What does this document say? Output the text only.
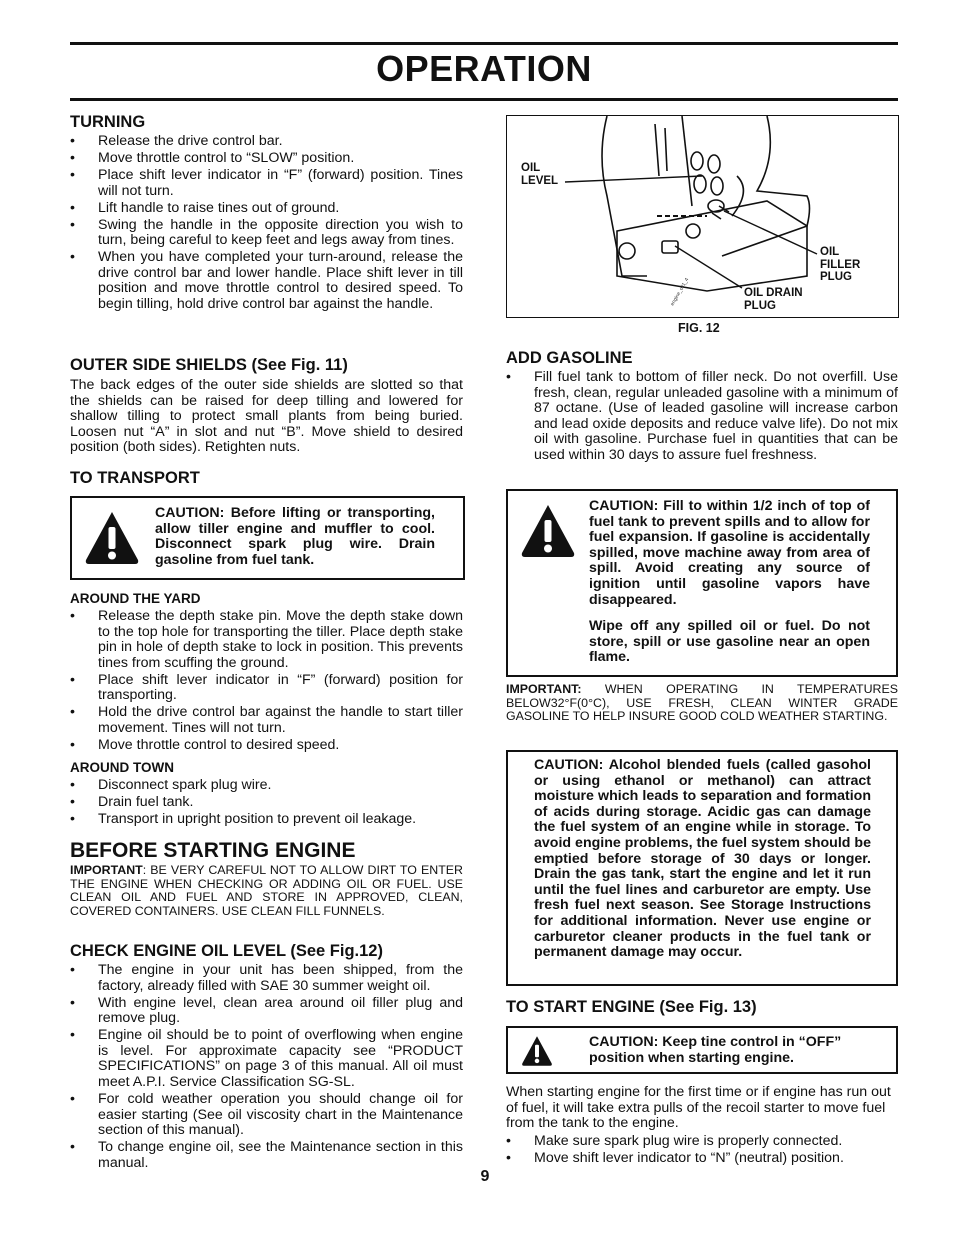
OPERATION
TURNING
• Release the drive control bar.
• Move throttle control to “SLOW” position.
• Place shift lever indicator in “F” (forward) position. Tines will not turn.
• Lift handle to raise tines out of ground.
• Swing the handle in the opposite direction you wish to turn, being careful to keep feet and legs away from tines.
• When you have completed your turn-around, release the drive control bar and lower handle. Place shift lever in till position and move throttle control to desired speed. To begin tilling, hold drive control bar against the handle.
OUTER SIDE SHIELDS (See Fig. 11)

The back edges of the outer side shields are slotted so that the shields can be raised for deep tilling and lowered for shallow tilling to protect small plants from being buried. Loosen nut “A” in slot and nut “B”. Move shield to desired position (both sides). Retighten nuts.

TO TRANSPORT

CAUTION: Before lifting or transporting, allow tiller engine and muffler to cool. Disconnect spark plug wire. Drain gasoline from fuel tank.

AROUND THE YARD
• Release the depth stake pin. Move the depth stake down to the top hole for transporting the tiller. Place depth stake pin in hole of depth stake to lock in position. This prevents tines from scuffing the ground.
• Place shift lever indicator in “F” (forward) position for transporting.
• Hold the drive control bar against the handle to start tiller movement. Tines will not turn.
• Move throttle control to desired speed.
AROUND TOWN
• Disconnect spark plug wire.
• Drain fuel tank.
• Transport in upright position to prevent oil leakage.
BEFORE STARTING ENGINE

IMPORTANT: BE VERY CAREFUL NOT TO ALLOW DIRT TO ENTER THE ENGINE WHEN CHECKING OR ADDING OIL OR FUEL. USE CLEAN OIL AND FUEL AND STORE IN APPROVED, CLEAN, COVERED CONTAINERS. USE CLEAN FILL FUNNELS.

CHECK ENGINE OIL LEVEL (See Fig.12)
• The engine in your unit has been shipped, from the factory, already filled with SAE 30 summer weight oil.
• With engine level, clean area around oil filler plug and remove plug.
• Engine oil should be to point of overflowing when engine is level. For approximate capacity see “PRODUCT SPECIFICATIONS” on page 3 of this manual. All oil must meet A.P.I. Service Classification SG-SL.
• For cold weather operation you should change oil for easier starting (See oil viscosity chart in the Maintenance section of this manual).
• To change engine oil, see the Maintenance section in this manual.
engine_oil1_4
OIL
LEVEL
OIL
FILLER
PLUG
OIL DRAIN
PLUG
FIG. 12
ADD GASOLINE
• Fill fuel tank to bottom of filler neck. Do not overfill. Use fresh, clean, regular unleaded gasoline with a minimum of 87 octane. (Use of leaded gasoline will increase carbon and lead oxide deposits and reduce valve life). Do not mix oil with gasoline. Purchase fuel in quantities that can be used within 30 days to assure fuel freshness.

CAUTION: Fill to within 1/2 inch of top of fuel tank to prevent spills and to allow for fuel expansion. If gasoline is accidentally spilled, move machine away from area of spill. Avoid creating any source of ignition until gasoline vapors have disappeared.

Wipe off any spilled oil or fuel. Do not store, spill or use gasoline near an open flame.

IMPORTANT: WHEN OPERATING IN TEMPERATURES BELOW32°F(0°C), USE FRESH, CLEAN WINTER GRADE GASOLINE TO HELP INSURE GOOD COLD WEATHER STARTING.

CAUTION: Alcohol blended fuels (called gasohol or using ethanol or methanol) can attract moisture which leads to separation and formation of acids during storage. Acidic gas can damage the fuel system of an engine while in storage. To avoid engine problems, the fuel system should be emptied before storage of 30 days or longer. Drain the gas tank, start the engine and let it run until the fuel lines and carburetor are empty. Use fresh fuel next season. See Storage Instructions for additional information. Never use engine or carburetor cleaner products in the fuel tank or permanent damage may occur.

TO START ENGINE (See Fig. 13)

CAUTION: Keep tine control in “OFF” position when starting engine.

When starting engine for the first time or if engine has run out of fuel, it will take extra pulls of the recoil starter to move fuel from the tank to the engine.

• Make sure spark plug wire is properly connected.
• Move shift lever indicator to “N” (neutral) position.
9
